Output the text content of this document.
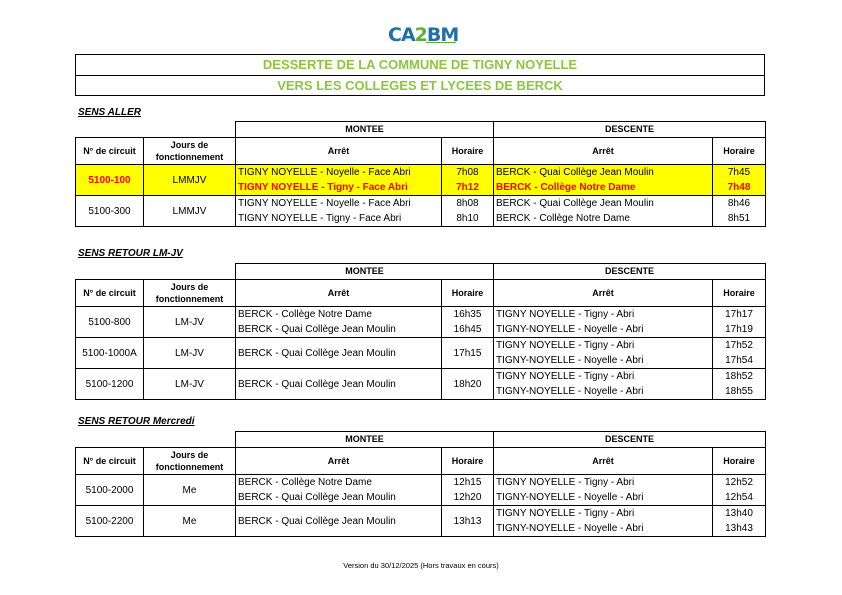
CA2BM
DESSERTE DE LA COMMUNE DE TIGNY NOYELLE
VERS LES COLLEGES ET LYCEES DE BERCK
SENS ALLER
		MONTEE		DESCENTE	
N° de circuit	Jours de
fonctionnement	Arrêt	Horaire	Arrêt	Horaire
5100-100	LMMJV	TIGNY NOYELLE - Noyelle - Face Abri	7h08	BERCK - Quai Collège Jean Moulin	7h45
		TIGNY NOYELLE - Tigny - Face Abri	7h12	BERCK - Collège Notre Dame	7h48
5100-300	LMMJV	TIGNY NOYELLE - Noyelle - Face Abri	8h08	BERCK - Quai Collège Jean Moulin	8h46
		TIGNY NOYELLE - Tigny - Face Abri	8h10	BERCK - Collège Notre Dame	8h51
SENS RETOUR LM-JV
		MONTEE		DESCENTE	
N° de circuit	Jours de
fonctionnement	Arrêt	Horaire	Arrêt	Horaire
5100-800	LM-JV	BERCK - Collège Notre Dame	16h35	TIGNY NOYELLE - Tigny - Abri	17h17
		BERCK - Quai Collège Jean Moulin	16h45	TIGNY-NOYELLE - Noyelle - Abri	17h19
5100-1000A	LM-JV	BERCK - Quai Collège Jean Moulin	17h15	TIGNY NOYELLE - Tigny - Abri	17h52
				TIGNY-NOYELLE - Noyelle - Abri	17h54
5100-1200	LM-JV	BERCK - Quai Collège Jean Moulin	18h20	TIGNY NOYELLE - Tigny - Abri	18h52
				TIGNY-NOYELLE - Noyelle - Abri	18h55
SENS RETOUR Mercredi
		MONTEE		DESCENTE	
N° de circuit	Jours de
fonctionnement	Arrêt	Horaire	Arrêt	Horaire
5100-2000	Me	BERCK - Collège Notre Dame	12h15	TIGNY NOYELLE - Tigny - Abri	12h52
		BERCK - Quai Collège Jean Moulin	12h20	TIGNY-NOYELLE - Noyelle - Abri	12h54
5100-2200	Me	BERCK - Quai Collège Jean Moulin	13h13	TIGNY NOYELLE - Tigny - Abri	13h40
				TIGNY-NOYELLE - Noyelle - Abri	13h43
Version du 30/12/2025 (Hors travaux en cours)
